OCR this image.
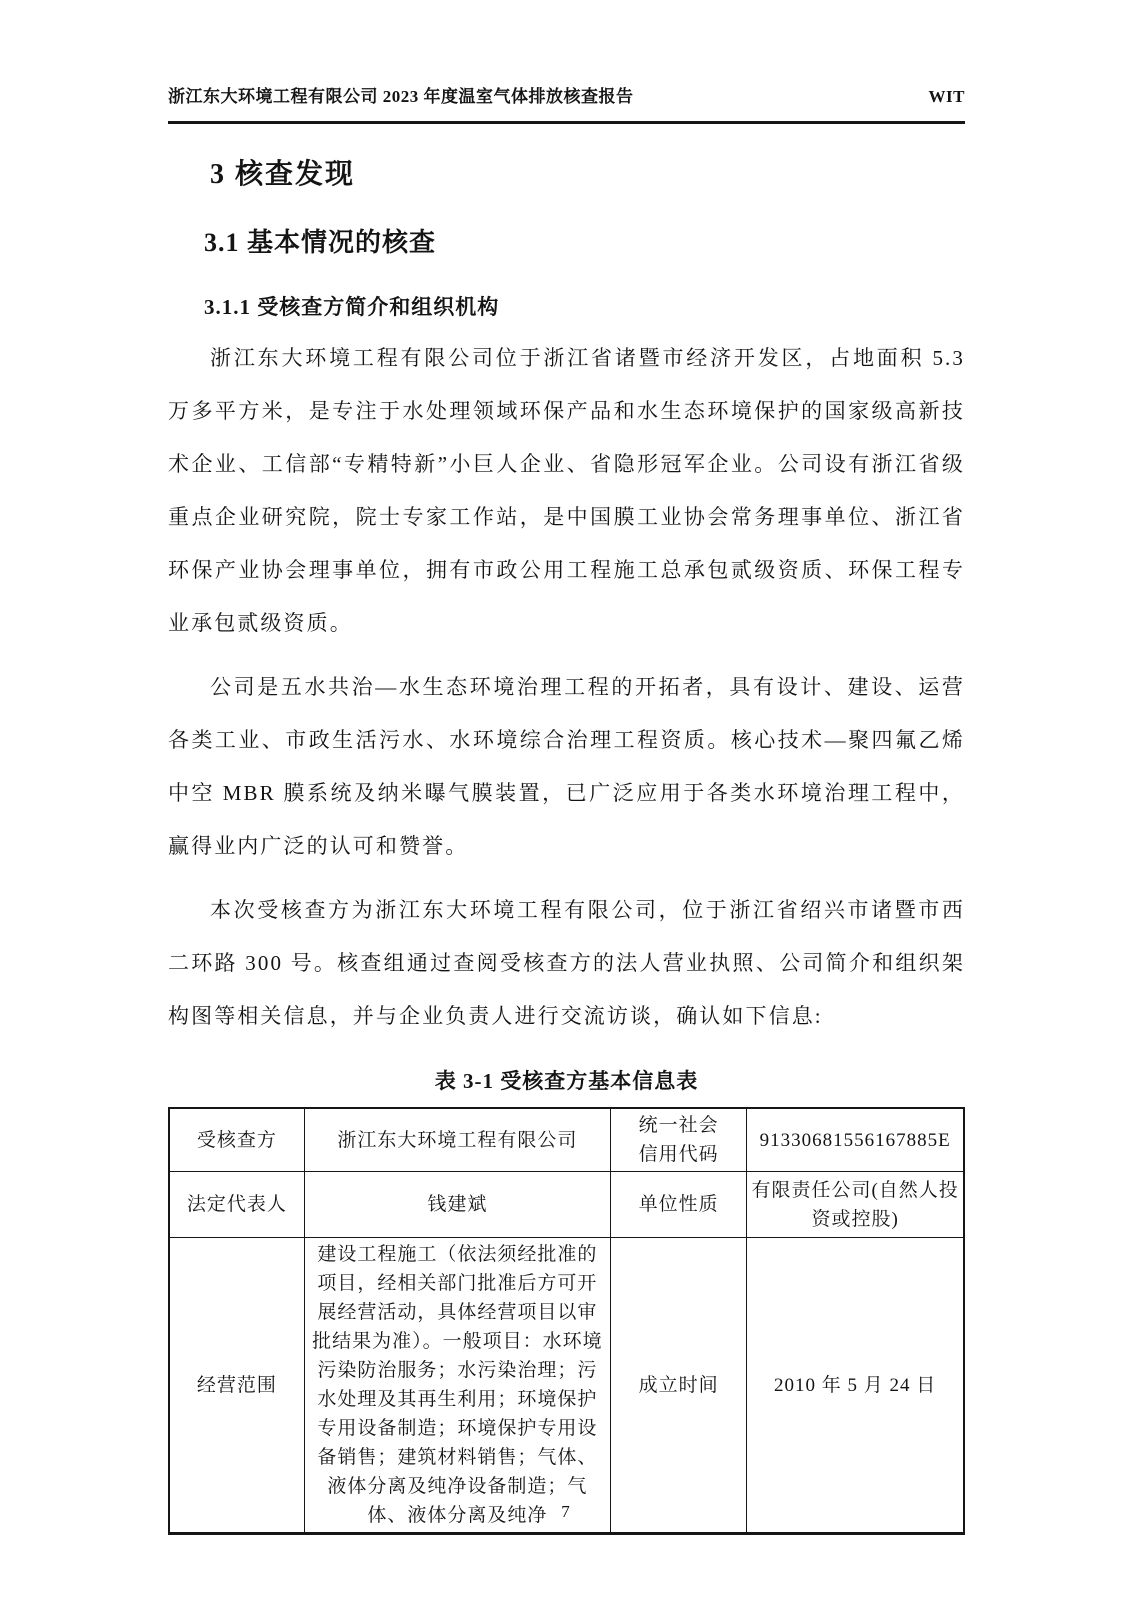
浙江东大环境工程有限公司 2023 年度温室气体排放核查报告	WIT
3 核查发现
3.1 基本情况的核查
3.1.1 受核查方简介和组织机构

浙江东大环境工程有限公司位于浙江省诸暨市经济开发区，占地面积 5.3 万多平方米，是专注于水处理领域环保产品和水生态环境保护的国家级高新技术企业、工信部“专精特新”小巨人企业、省隐形冠军企业。公司设有浙江省级重点企业研究院，院士专家工作站，是中国膜工业协会常务理事单位、浙江省环保产业协会理事单位，拥有市政公用工程施工总承包贰级资质、环保工程专业承包贰级资质。

公司是五水共治—水生态环境治理工程的开拓者，具有设计、建设、运营各类工业、市政生活污水、水环境综合治理工程资质。核心技术—聚四氟乙烯中空 MBR 膜系统及纳米曝气膜装置，已广泛应用于各类水环境治理工程中，赢得业内广泛的认可和赞誉。

本次受核查方为浙江东大环境工程有限公司，位于浙江省绍兴市诸暨市西二环路 300 号。核查组通过查阅受核查方的法人营业执照、公司简介和组织架构图等相关信息，并与企业负责人进行交流访谈，确认如下信息:

表 3-1 受核查方基本信息表
受核查方	浙江东大环境工程有限公司	统一社会信用代码	91330681556167885E
法定代表人	钱建斌	单位性质	有限责任公司(自然人投资或控股)
经营范围	建设工程施工（依法须经批准的项目，经相关部门批准后方可开展经营活动，具体经营项目以审批结果为准）。一般项目：水环境污染防治服务；水污染治理；污水处理及其再生利用；环境保护专用设备制造；环境保护专用设备销售；建筑材料销售；气体、液体分离及纯净设备制造；气体、液体分离及纯净	成立时间	2010 年 5 月 24 日
7
